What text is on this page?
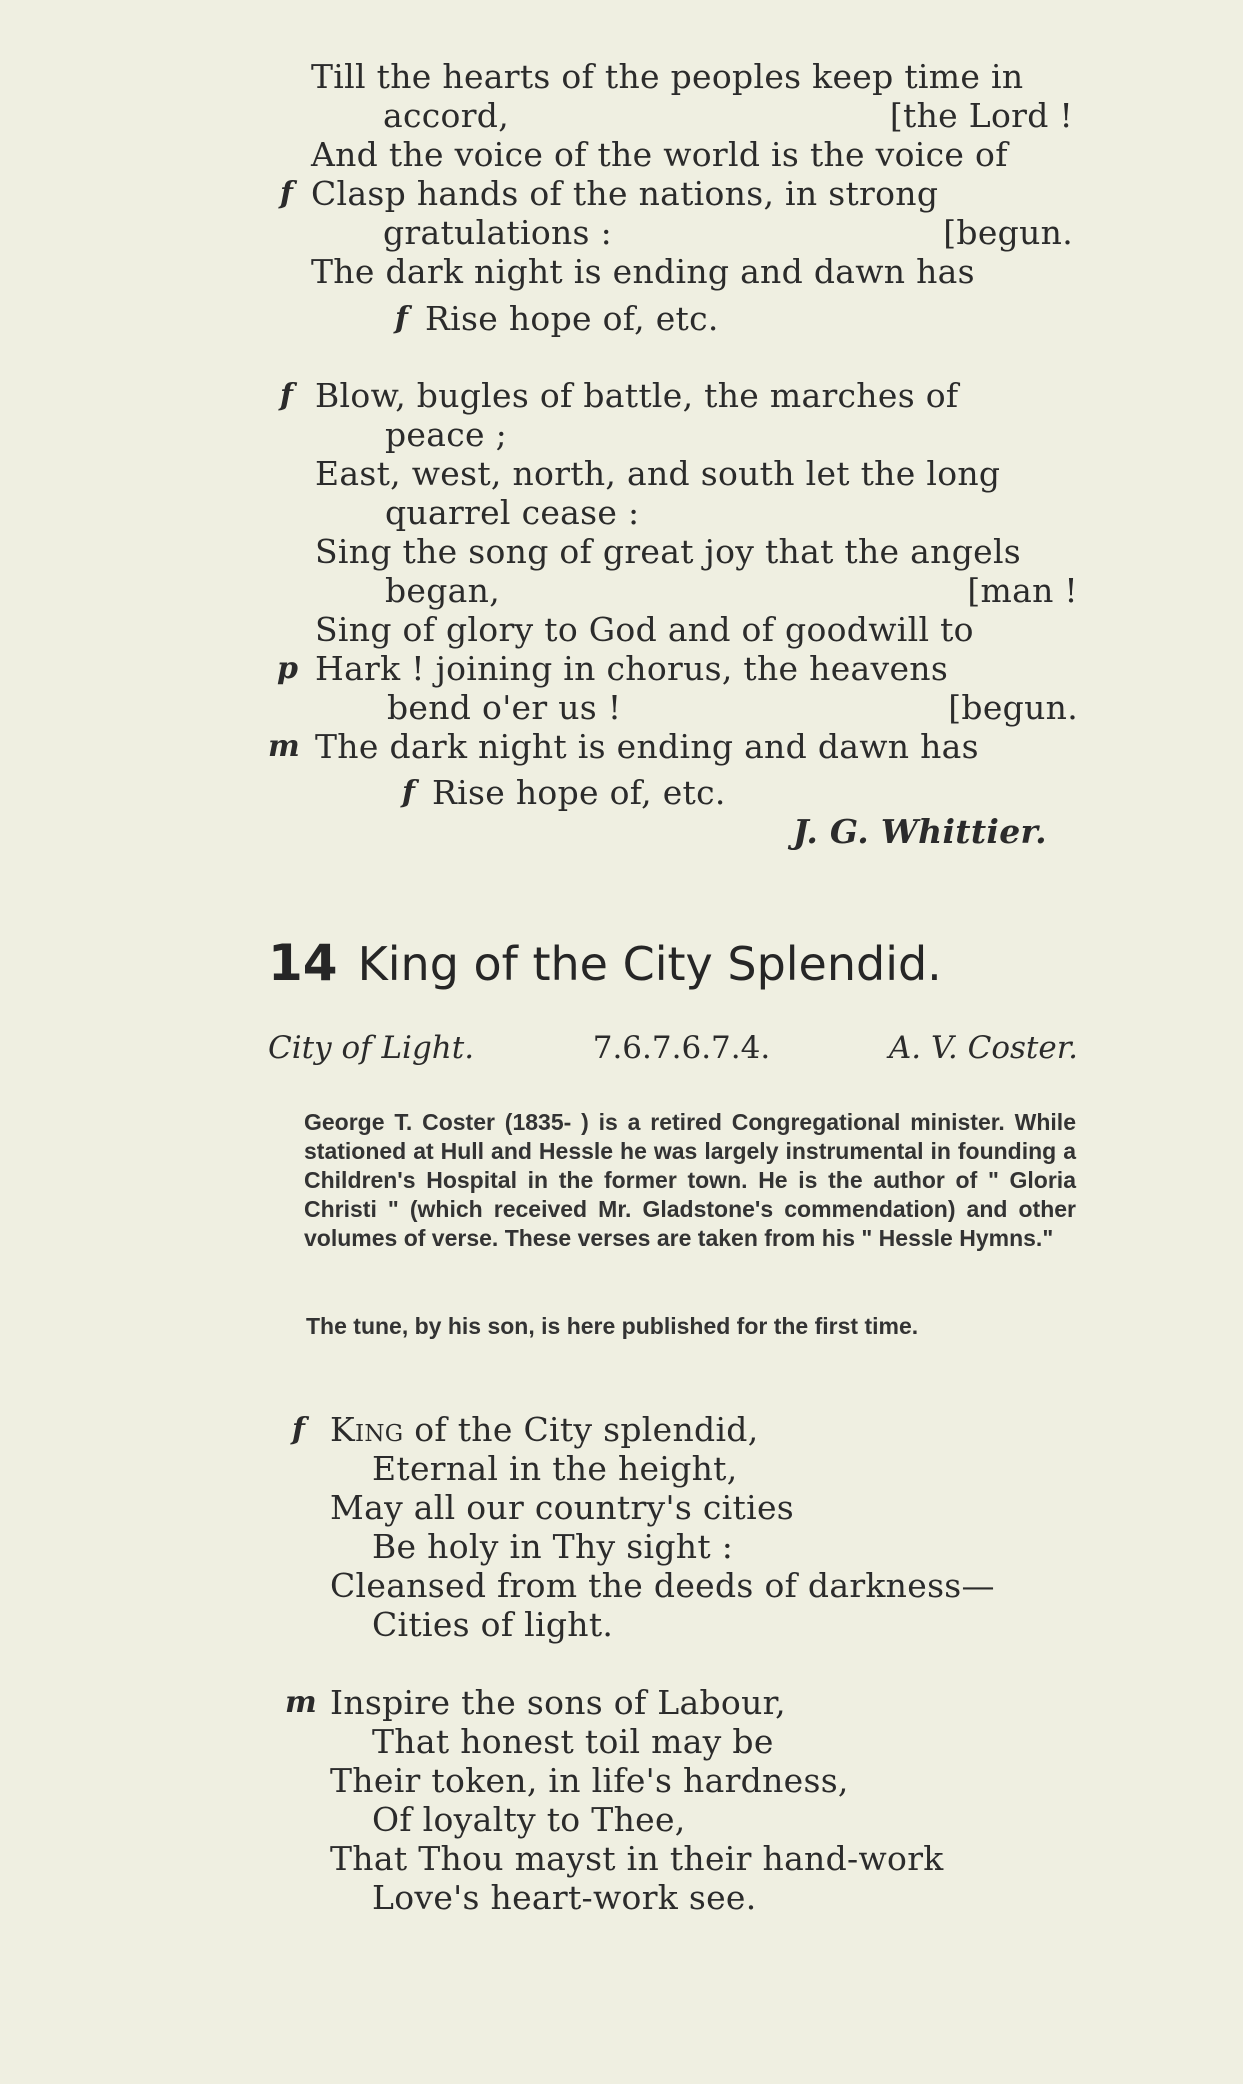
Till the hearts of the peoples keep time in
accord,	[the Lord !
And the voice of the world is the voice of
f Clasp hands of the nations, in strong
gratulations :	[begun.
The dark night is ending and dawn has
f Rise hope of, etc.
f Blow, bugles of battle, the marches of
peace ;
East, west, north, and south let the long
quarrel cease :
Sing the song of great joy that the angels
began,	[man !
Sing of glory to God and of goodwill to
p Hark ! joining in chorus, the heavens
bend o'er us !	[begun.
m The dark night is ending and dawn has
f Rise hope of, etc.
J. G. Whittier.
14 King of the City Splendid.
City of Light.	7.6.7.6.7.4.	A. V. Coster.
George T. Coster (1835- ) is a retired Congregational minister. While stationed at Hull and Hessle he was largely instrumental in founding a Children's Hospital in the former town. He is the author of " Gloria Christi " (which received Mr. Gladstone's commendation) and other volumes of verse. These verses are taken from his " Hessle Hymns."
The tune, by his son, is here published for the first time.
f King of the City splendid,
Eternal in the height,
May all our country's cities
Be holy in Thy sight :
Cleansed from the deeds of darkness—
Cities of light.
m Inspire the sons of Labour,
That honest toil may be
Their token, in life's hardness,
Of loyalty to Thee,
That Thou mayst in their hand-work
Love's heart-work see.
